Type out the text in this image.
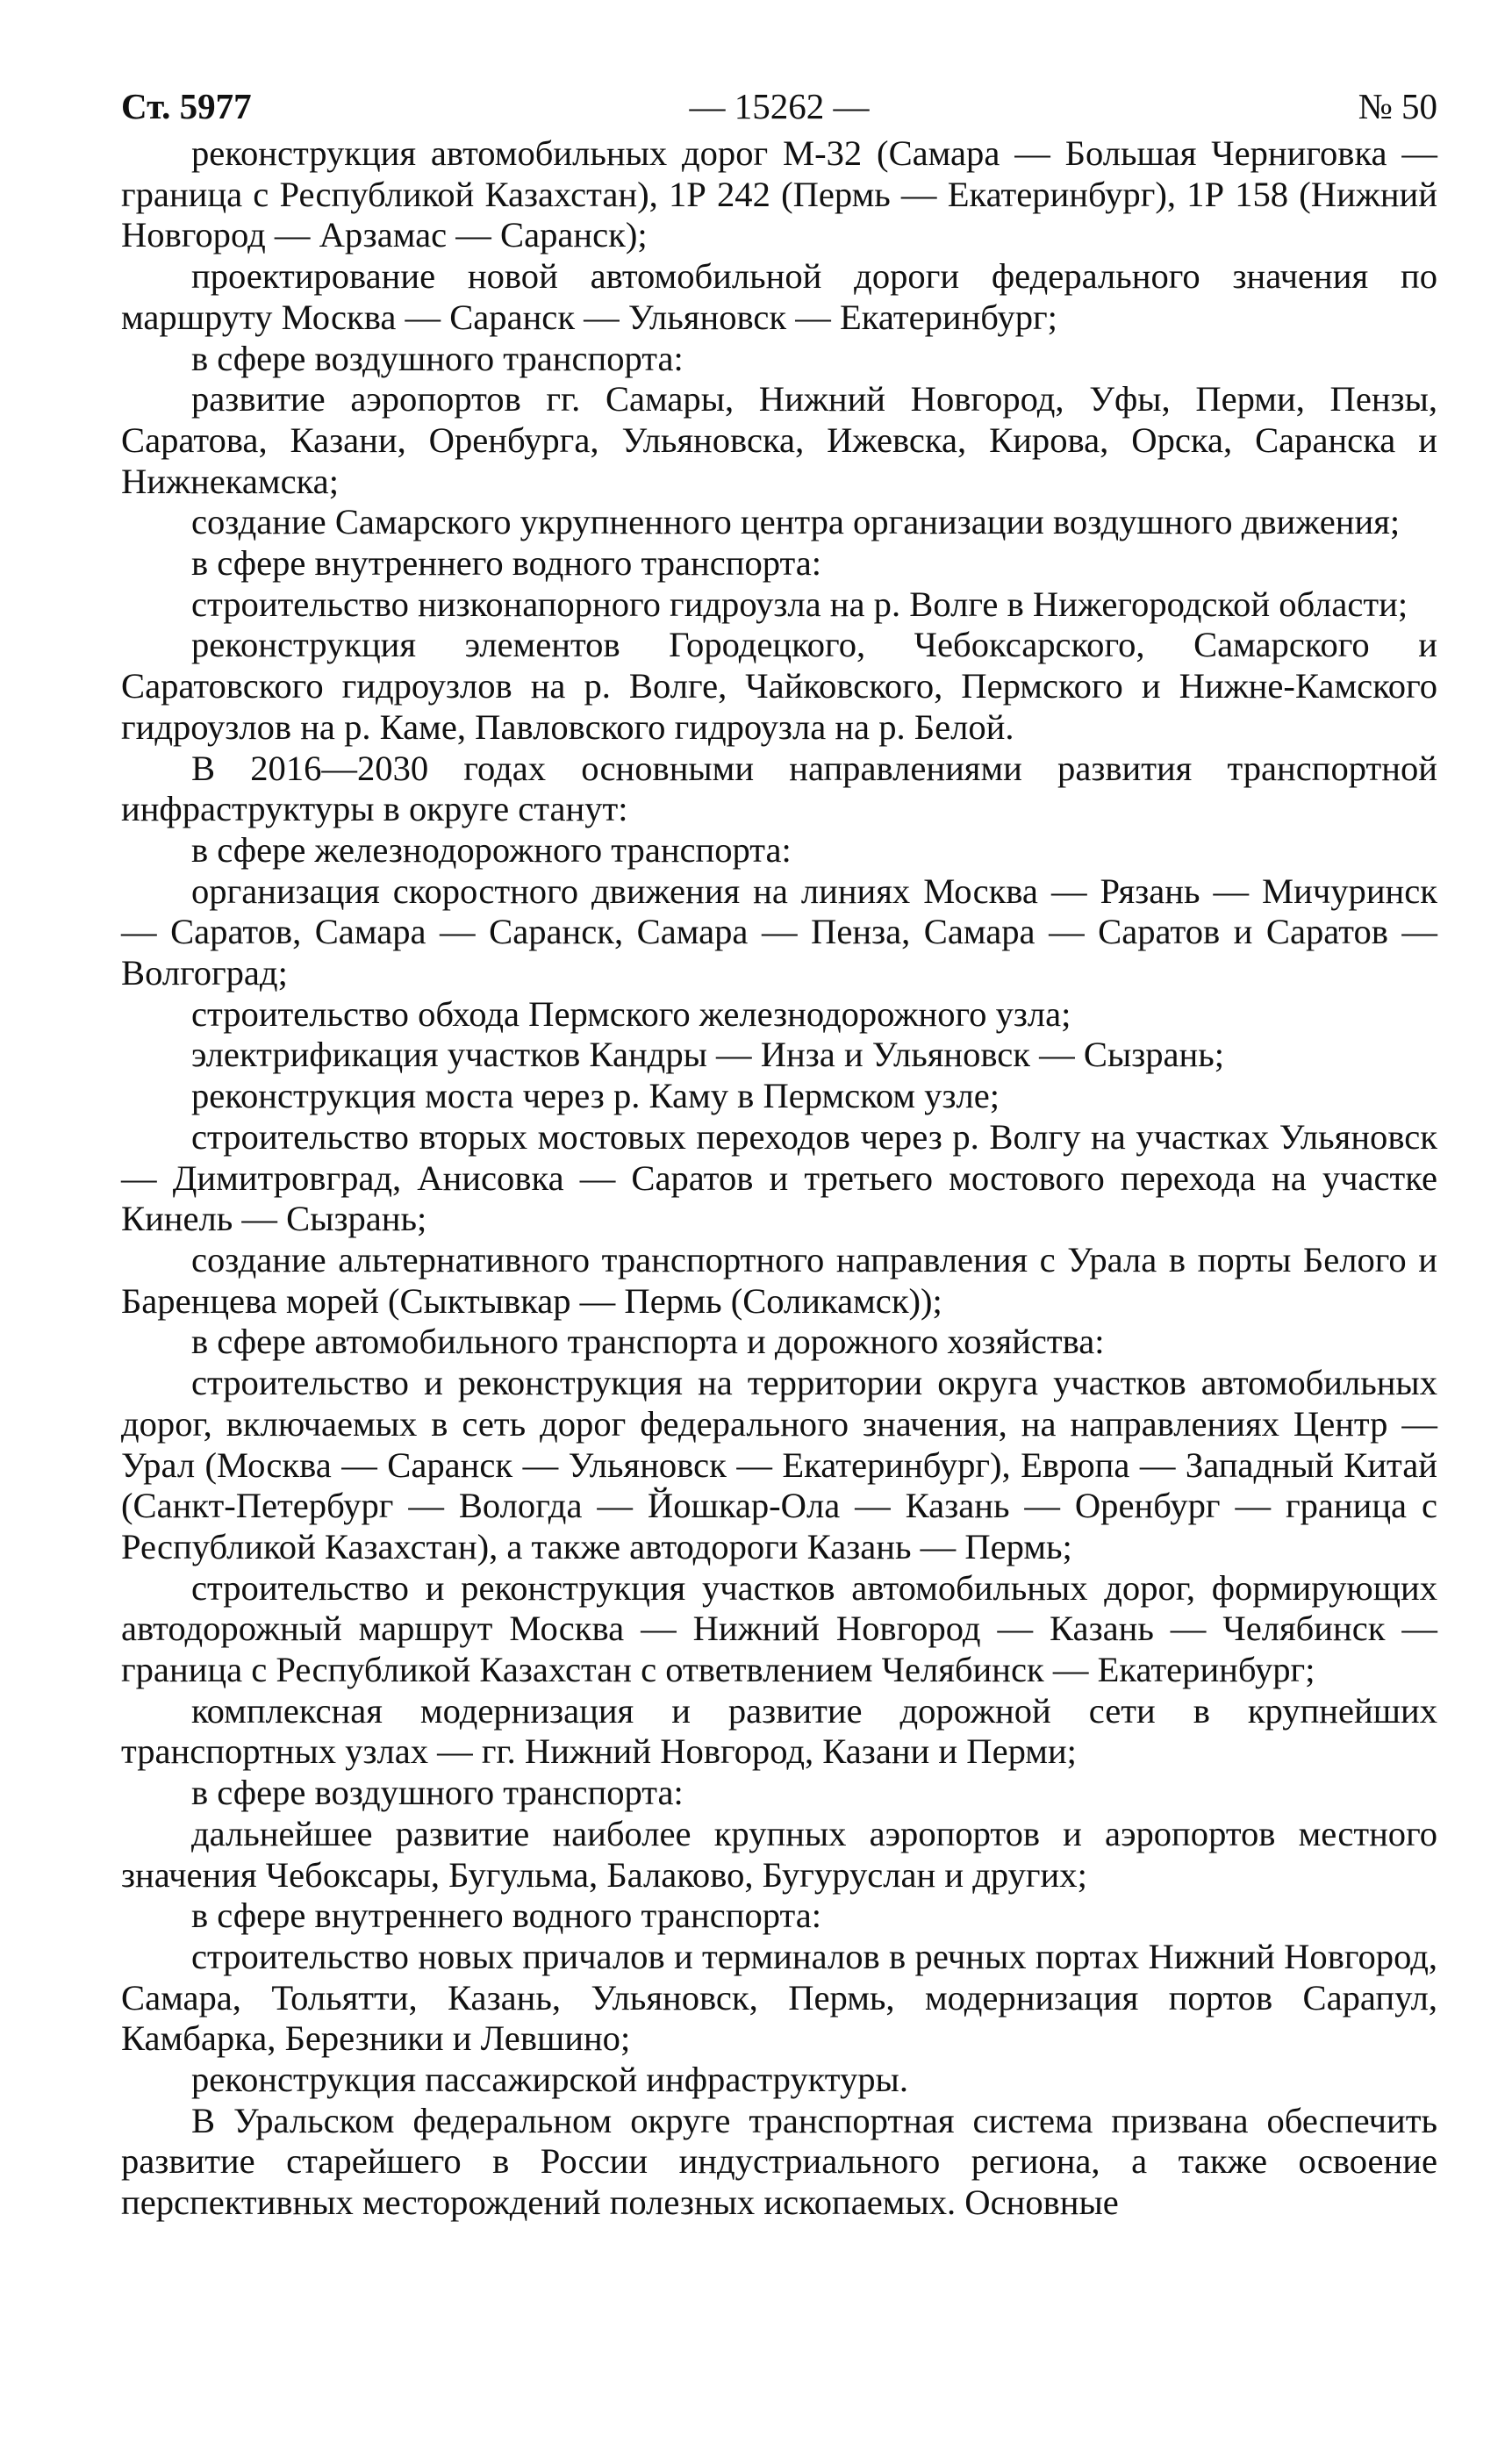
Ст. 5977	— 15262 —	№ 50

реконструкция автомобильных дорог М-32 (Самара — Большая Черниговка — граница с Республикой Казахстан), 1Р 242 (Пермь — Екатеринбург), 1Р 158 (Нижний Новгород — Арзамас — Саранск);

проектирование новой автомобильной дороги федерального значения по маршруту Москва — Саранск — Ульяновск — Екатеринбург;

в сфере воздушного транспорта:

развитие аэропортов гг. Самары, Нижний Новгород, Уфы, Перми, Пензы, Саратова, Казани, Оренбурга, Ульяновска, Ижевска, Кирова, Орска, Саранска и Нижнекамска;

создание Самарского укрупненного центра организации воздушного движения;

в сфере внутреннего водного транспорта:

строительство низконапорного гидроузла на р. Волге в Нижегородской области;

реконструкция элементов Городецкого, Чебоксарского, Самарского и Саратовского гидроузлов на р. Волге, Чайковского, Пермского и Нижне-Камского гидроузлов на р. Каме, Павловского гидроузла на р. Белой.

В 2016—2030 годах основными направлениями развития транспортной инфраструктуры в округе станут:

в сфере железнодорожного транспорта:

организация скоростного движения на линиях Москва — Рязань — Мичуринск — Саратов, Самара — Саранск, Самара — Пенза, Самара — Саратов и Саратов — Волгоград;

строительство обхода Пермского железнодорожного узла;

электрификация участков Кандры — Инза и Ульяновск — Сызрань;

реконструкция моста через р. Каму в Пермском узле;

строительство вторых мостовых переходов через р. Волгу на участках Ульяновск — Димитровград, Анисовка — Саратов и третьего мостового перехода на участке Кинель — Сызрань;

создание альтернативного транспортного направления с Урала в порты Белого и Баренцева морей (Сыктывкар — Пермь (Соликамск));

в сфере автомобильного транспорта и дорожного хозяйства:

строительство и реконструкция на территории округа участков автомобильных дорог, включаемых в сеть дорог федерального значения, на направлениях Центр — Урал (Москва — Саранск — Ульяновск — Екатеринбург), Европа — Западный Китай (Санкт-Петербург — Вологда — Йошкар-Ола — Казань — Оренбург — граница с Республикой Казахстан), а также автодороги Казань — Пермь;

строительство и реконструкция участков автомобильных дорог, формирующих автодорожный маршрут Москва — Нижний Новгород — Казань — Челябинск — граница с Республикой Казахстан с ответвлением Челябинск — Екатеринбург;

комплексная модернизация и развитие дорожной сети в крупнейших транспортных узлах — гг. Нижний Новгород, Казани и Перми;

в сфере воздушного транспорта:

дальнейшее развитие наиболее крупных аэропортов и аэропортов местного значения Чебоксары, Бугульма, Балаково, Бугуруслан и других;

в сфере внутреннего водного транспорта:

строительство новых причалов и терминалов в речных портах Нижний Новгород, Самара, Тольятти, Казань, Ульяновск, Пермь, модернизация портов Сарапул, Камбарка, Березники и Левшино;

реконструкция пассажирской инфраструктуры.

В Уральском федеральном округе транспортная система призвана обеспечить развитие старейшего в России индустриального региона, а также освоение перспективных месторождений полезных ископаемых. Основные
